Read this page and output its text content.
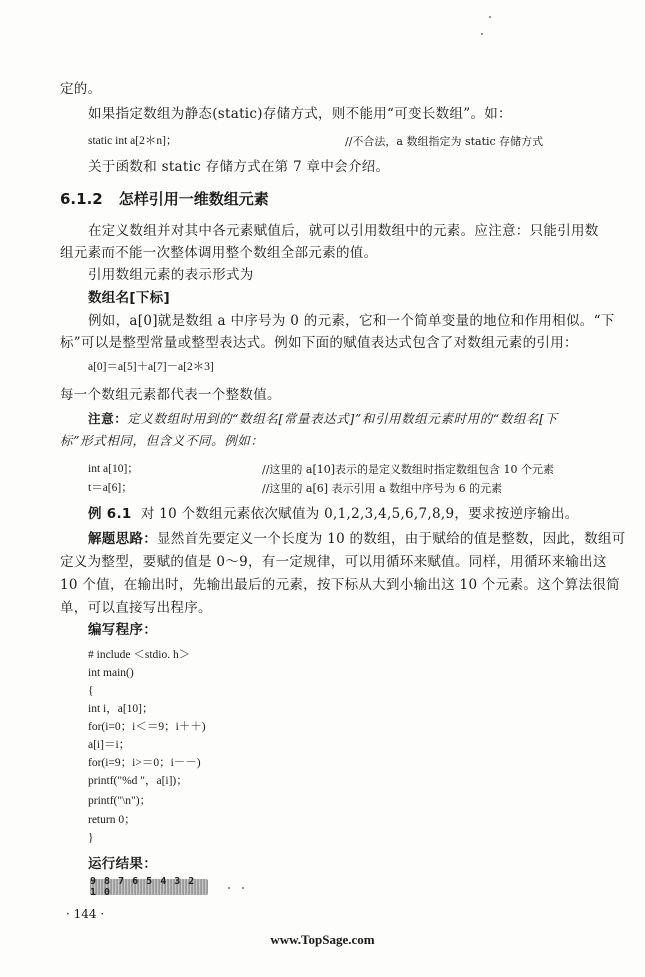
定的。
如果指定数组为静态(static)存储方式，则不能用“可变长数组”。如：
static int a[2＊n]；	//不合法，a 数组指定为 static 存储方式
关于函数和 static 存储方式在第 7 章中会介绍。
6.1.2 怎样引用一维数组元素
在定义数组并对其中各元素赋值后，就可以引用数组中的元素。应注意：只能引用数
组元素而不能一次整体调用整个数组全部元素的值。
引用数组元素的表示形式为
数组名[下标]
例如，a[0]就是数组 a 中序号为 0 的元素，它和一个简单变量的地位和作用相似。“下
标”可以是整型常量或整型表达式。例如下面的赋值表达式包含了对数组元素的引用：
a[0]＝a[5]＋a[7]－a[2＊3]
每一个数组元素都代表一个整数值。
注意：定义数组时用到的“数组名[常量表达式]”和引用数组元素时用的“数组名[下
标”形式相同，但含义不同。例如：
int a[10]；	//这里的 a[10]表示的是定义数组时指定数组包含 10 个元素
t＝a[6]；	//这里的 a[6] 表示引用 a 数组中序号为 6 的元素
例 6.1 对 10 个数组元素依次赋值为 0,1,2,3,4,5,6,7,8,9，要求按逆序输出。
解题思路：显然首先要定义一个长度为 10 的数组，由于赋给的值是整数，因此，数组可
定义为整型，要赋的值是 0～9，有一定规律，可以用循环来赋值。同样，用循环来输出这
10 个值，在输出时，先输出最后的元素，按下标从大到小输出这 10 个元素。这个算法很简
单，可以直接写出程序。
编写程序：
# include ＜stdio. h＞
int main()
{
int i，a[10]；
for(i=0；i＜＝9；i＋＋)
a[i]＝i；
for(i=9；i>＝0；i－－)
printf("%d "，a[i])；
printf("\n")；
return 0；
}
运行结果：
9 8 7 6 5 4 3 2 1 0
· 144 ·
www.TopSage.com
